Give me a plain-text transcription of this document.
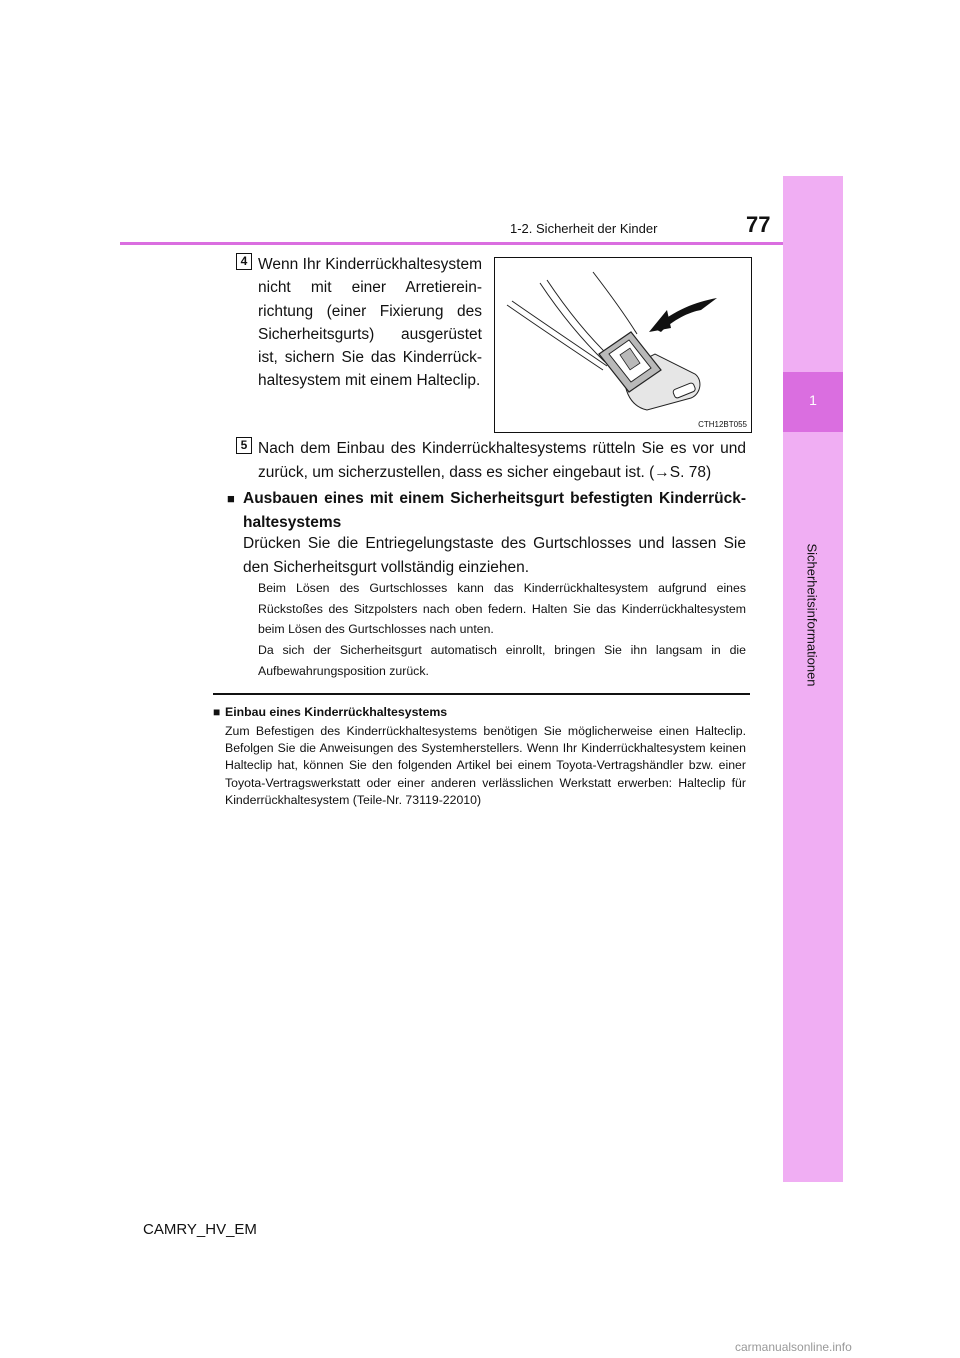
1
Sicherheitsinformationen
1-2. Sicherheit der Kinder	77
4 Wenn Ihr Kinderrückhaltesystem nicht mit einer Arretiereinrichtung (einer Fixierung des Sicherheitsgurts) ausgerüstet ist, sichern Sie das Kinderrückhaltesystem mit einem Halteclip.
CTH12BT055
5 Nach dem Einbau des Kinderrückhaltesystems rütteln Sie es vor und zurück, um sicherzustellen, dass es sicher eingebaut ist. (→S. 78)
■ Ausbauen eines mit einem Sicherheitsgurt befestigten Kinderrückhaltesystems
Drücken Sie die Entriegelungstaste des Gurtschlosses und lassen Sie den Sicherheitsgurt vollständig einziehen.
Beim Lösen des Gurtschlosses kann das Kinderrückhaltesystem aufgrund eines Rückstoßes des Sitzpolsters nach oben federn. Halten Sie das Kinderrückhaltesystem beim Lösen des Gurtschlosses nach unten.
Da sich der Sicherheitsgurt automatisch einrollt, bringen Sie ihn langsam in die Aufbewahrungsposition zurück.
■ Einbau eines Kinderrückhaltesystems
Zum Befestigen des Kinderrückhaltesystems benötigen Sie möglicherweise einen Halteclip. Befolgen Sie die Anweisungen des Systemherstellers. Wenn Ihr Kinderrückhaltesystem keinen Halteclip hat, können Sie den folgenden Artikel bei einem Toyota-Vertragshändler bzw. einer Toyota-Vertragswerkstatt oder einer anderen verlässlichen Werkstatt erwerben: Halteclip für Kinderrückhaltesystem (Teile-Nr. 73119-22010)
CAMRY_HV_EM
carmanualsonline.info
